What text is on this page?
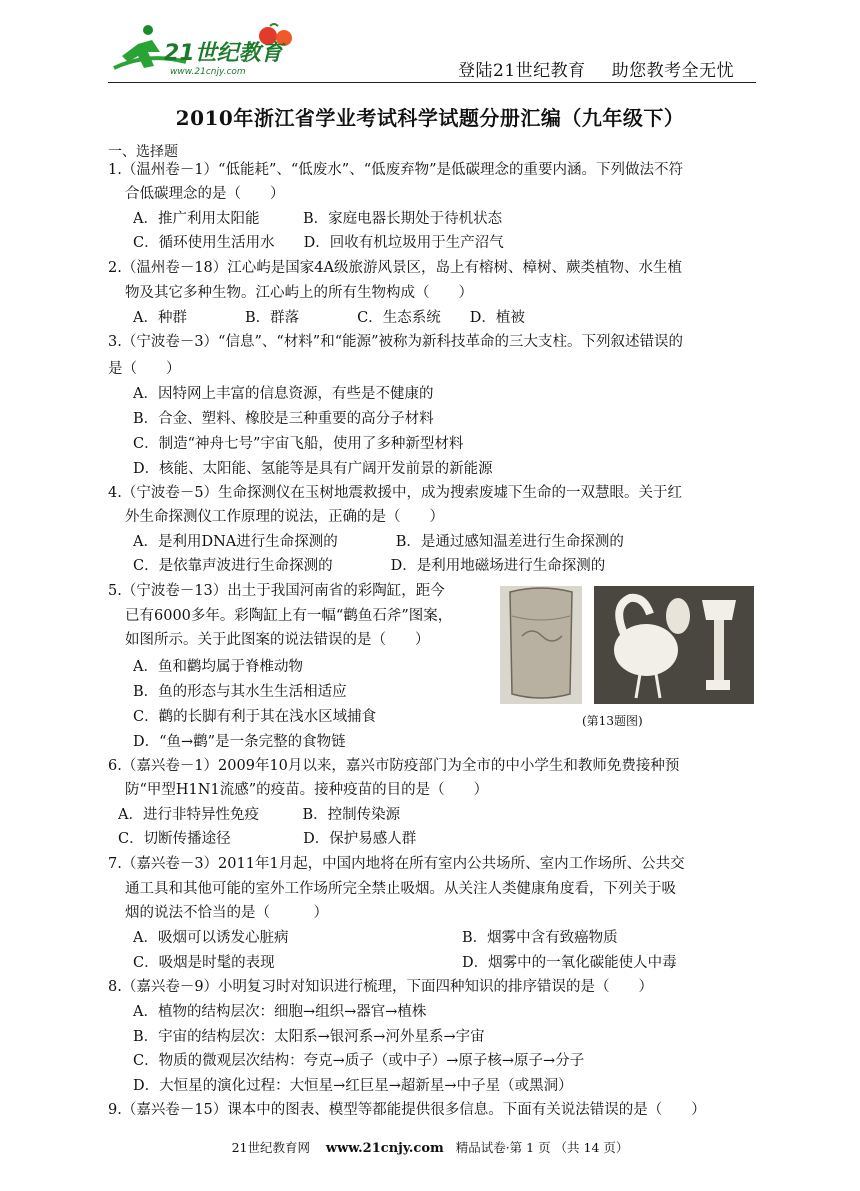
21世纪教育
www.21cnjy.com	登陆21世纪教育 助您教考全无忧
2010年浙江省学业考试科学试题分册汇编（九年级下）
一、选择题
1.（温州卷－1）“低能耗”、“低废水”、“低废弃物”是低碳理念的重要内涵。下列做法不符
合低碳理念的是（　　）
A．推广利用太阳能　　　B．家庭电器长期处于待机状态
C．循环使用生活用水　　D．回收有机垃圾用于生产沼气
2.（温州卷－18）江心屿是国家4A级旅游风景区，岛上有榕树、樟树、蕨类植物、水生植
物及其它多种生物。江心屿上的所有生物构成（　　）
A．种群　　　　B．群落　　　　C．生态系统　　D．植被
3.（宁波卷－3）“信息”、“材料”和“能源”被称为新科技革命的三大支柱。下列叙述错误的
是（　　）
A．因特网上丰富的信息资源，有些是不健康的
B．合金、塑料、橡胶是三种重要的高分子材料
C．制造“神舟七号”宇宙飞船，使用了多种新型材料
D．核能、太阳能、氢能等是具有广阔开发前景的新能源
4.（宁波卷－5）生命探测仪在玉树地震救援中，成为搜索废墟下生命的一双慧眼。关于红
外生命探测仪工作原理的说法，正确的是（　　）
A．是利用DNA进行生命探测的　　　　B．是通过感知温差进行生命探测的
C．是依靠声波进行生命探测的　　　　D．是利用地磁场进行生命探测的
5.（宁波卷－13）出土于我国河南省的彩陶缸，距今
已有6000多年。彩陶缸上有一幅“鹳鱼石斧”图案，
如图所示。关于此图案的说法错误的是（　　）
A．鱼和鹳均属于脊椎动物
B．鱼的形态与其水生生活相适应
C．鹳的长脚有利于其在浅水区域捕食
D．“鱼→鹳”是一条完整的食物链
6.（嘉兴卷－1）2009年10月以来，嘉兴市防疫部门为全市的中小学生和教师免费接种预
防“甲型H1N1流感”的疫苗。接种疫苗的目的是（　　）
A．进行非特异性免疫　　　B．控制传染源
C．切断传播途径　　　　　D．保护易感人群
7.（嘉兴卷－3）2011年1月起，中国内地将在所有室内公共场所、室内工作场所、公共交
通工具和其他可能的室外工作场所完全禁止吸烟。从关注人类健康角度看，下列关于吸
烟的说法不恰当的是（　　　）
A．吸烟可以诱发心脏病	B．烟雾中含有致癌物质
C．吸烟是时髦的表现	D．烟雾中的一氧化碳能使人中毒
8.（嘉兴卷－9）小明复习时对知识进行梳理，下面四种知识的排序错误的是（　　）
A．植物的结构层次：细胞→组织→器官→植株
B．宇宙的结构层次：太阳系→银河系→河外星系→宇宙
C．物质的微观层次结构：夸克→质子（或中子）→原子核→原子→分子
D．大恒星的演化过程：大恒星→红巨星→超新星→中子星（或黑洞）
9.（嘉兴卷－15）课本中的图表、模型等都能提供很多信息。下面有关说法错误的是（　　）
(第13题图)
21世纪教育网 www.21cnjy.com 精品试卷·第 1 页 （共 14 页）
